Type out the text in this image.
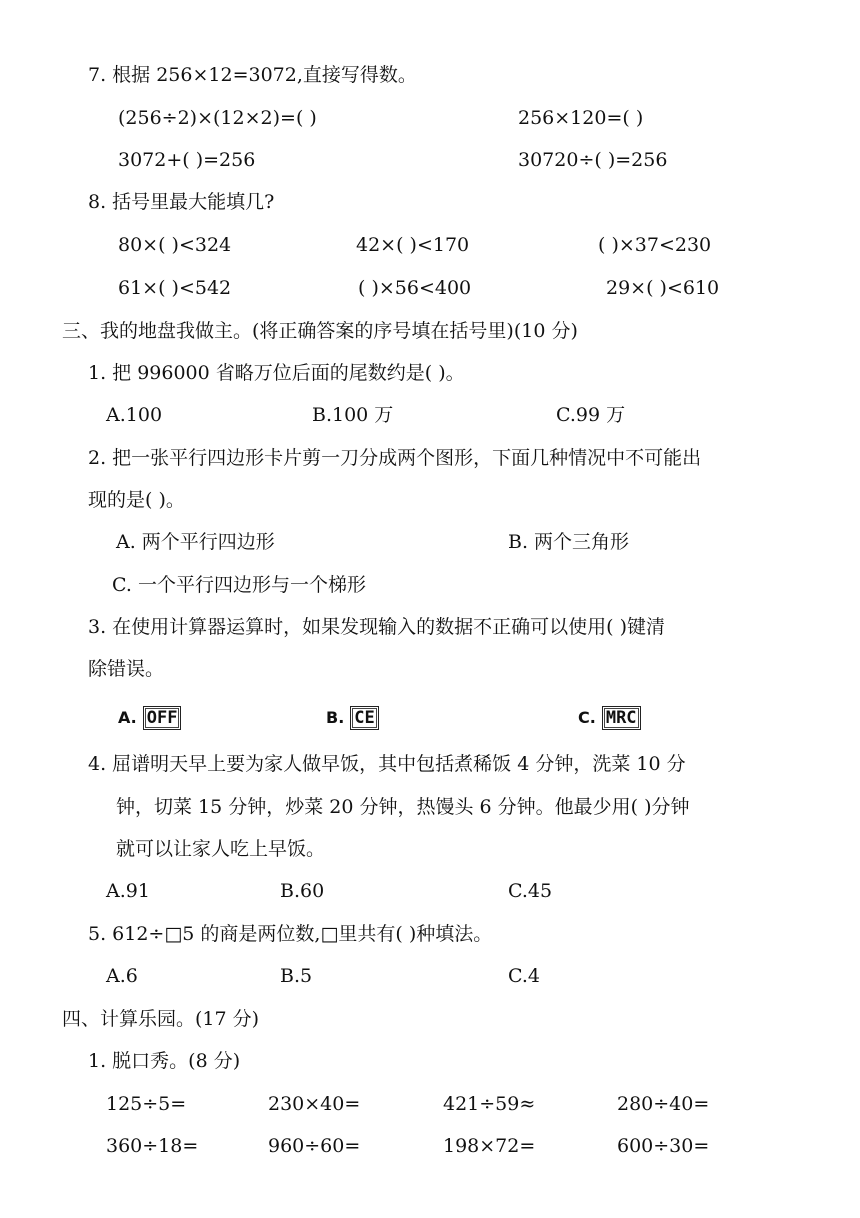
7. 根据 256×12=3072,直接写得数。
(256÷2)×(12×2)=( )	256×120=( )
3072+( )=256	30720÷( )=256
8. 括号里最大能填几?
80×( )<324	42×( )<170	( )×37<230
61×( )<542	( )×56<400	29×( )<610
三、我的地盘我做主。(将正确答案的序号填在括号里)(10 分)
1. 把 996000 省略万位后面的尾数约是( )。
A.100	B.100 万	C.99 万
2. 把一张平行四边形卡片剪一刀分成两个图形，下面几种情况中不可能出
现的是( )。
A. 两个平行四边形	B. 两个三角形
C. 一个平行四边形与一个梯形
3. 在使用计算器运算时，如果发现输入的数据不正确可以使用( )键清
除错误。
A. OFF	B. CE	C. MRC
4. 屈谱明天早上要为家人做早饭，其中包括煮稀饭 4 分钟，洗菜 10 分
钟，切菜 15 分钟，炒菜 20 分钟，热馒头 6 分钟。他最少用( )分钟
就可以让家人吃上早饭。
A.91	B.60	C.45
5. 612÷□5 的商是两位数,□里共有( )种填法。
A.6	B.5	C.4
四、计算乐园。(17 分)
1. 脱口秀。(8 分)
125÷5=	230×40=	421÷59≈	280÷40=
360÷18=	960÷60=	198×72=	600÷30=
